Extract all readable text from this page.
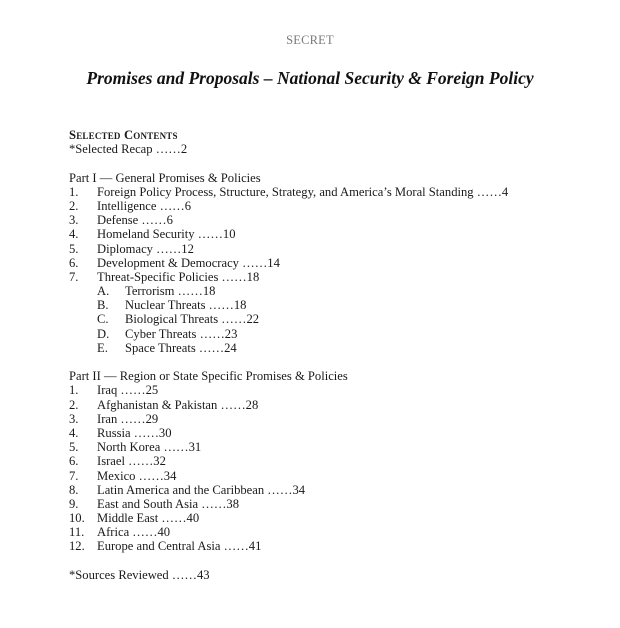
SECRET
Promises and Proposals – National Security & Foreign Policy
Selected Contents
*Selected Recap ……2
Part I — General Promises & Policies
1.	Foreign Policy Process, Structure, Strategy, and America’s Moral Standing ……4
2.	Intelligence ……6
3.	Defense ……6
4.	Homeland Security ……10
5.	Diplomacy ……12
6.	Development & Democracy ……14
7.	Threat-Specific Policies ……18
A.	Terrorism ……18
B.	Nuclear Threats ……18
C.	Biological Threats ……22
D.	Cyber Threats ……23
E.	Space Threats ……24
Part II — Region or State Specific Promises & Policies
1.	Iraq ……25
2.	Afghanistan & Pakistan ……28
3.	Iran ……29
4.	Russia ……30
5.	North Korea ……31
6.	Israel ……32
7.	Mexico ……34
8.	Latin America and the Caribbean ……34
9.	East and South Asia ……38
10. Middle East ……40
11.	Africa ……40
12. Europe and Central Asia ……41
*Sources Reviewed ……43
